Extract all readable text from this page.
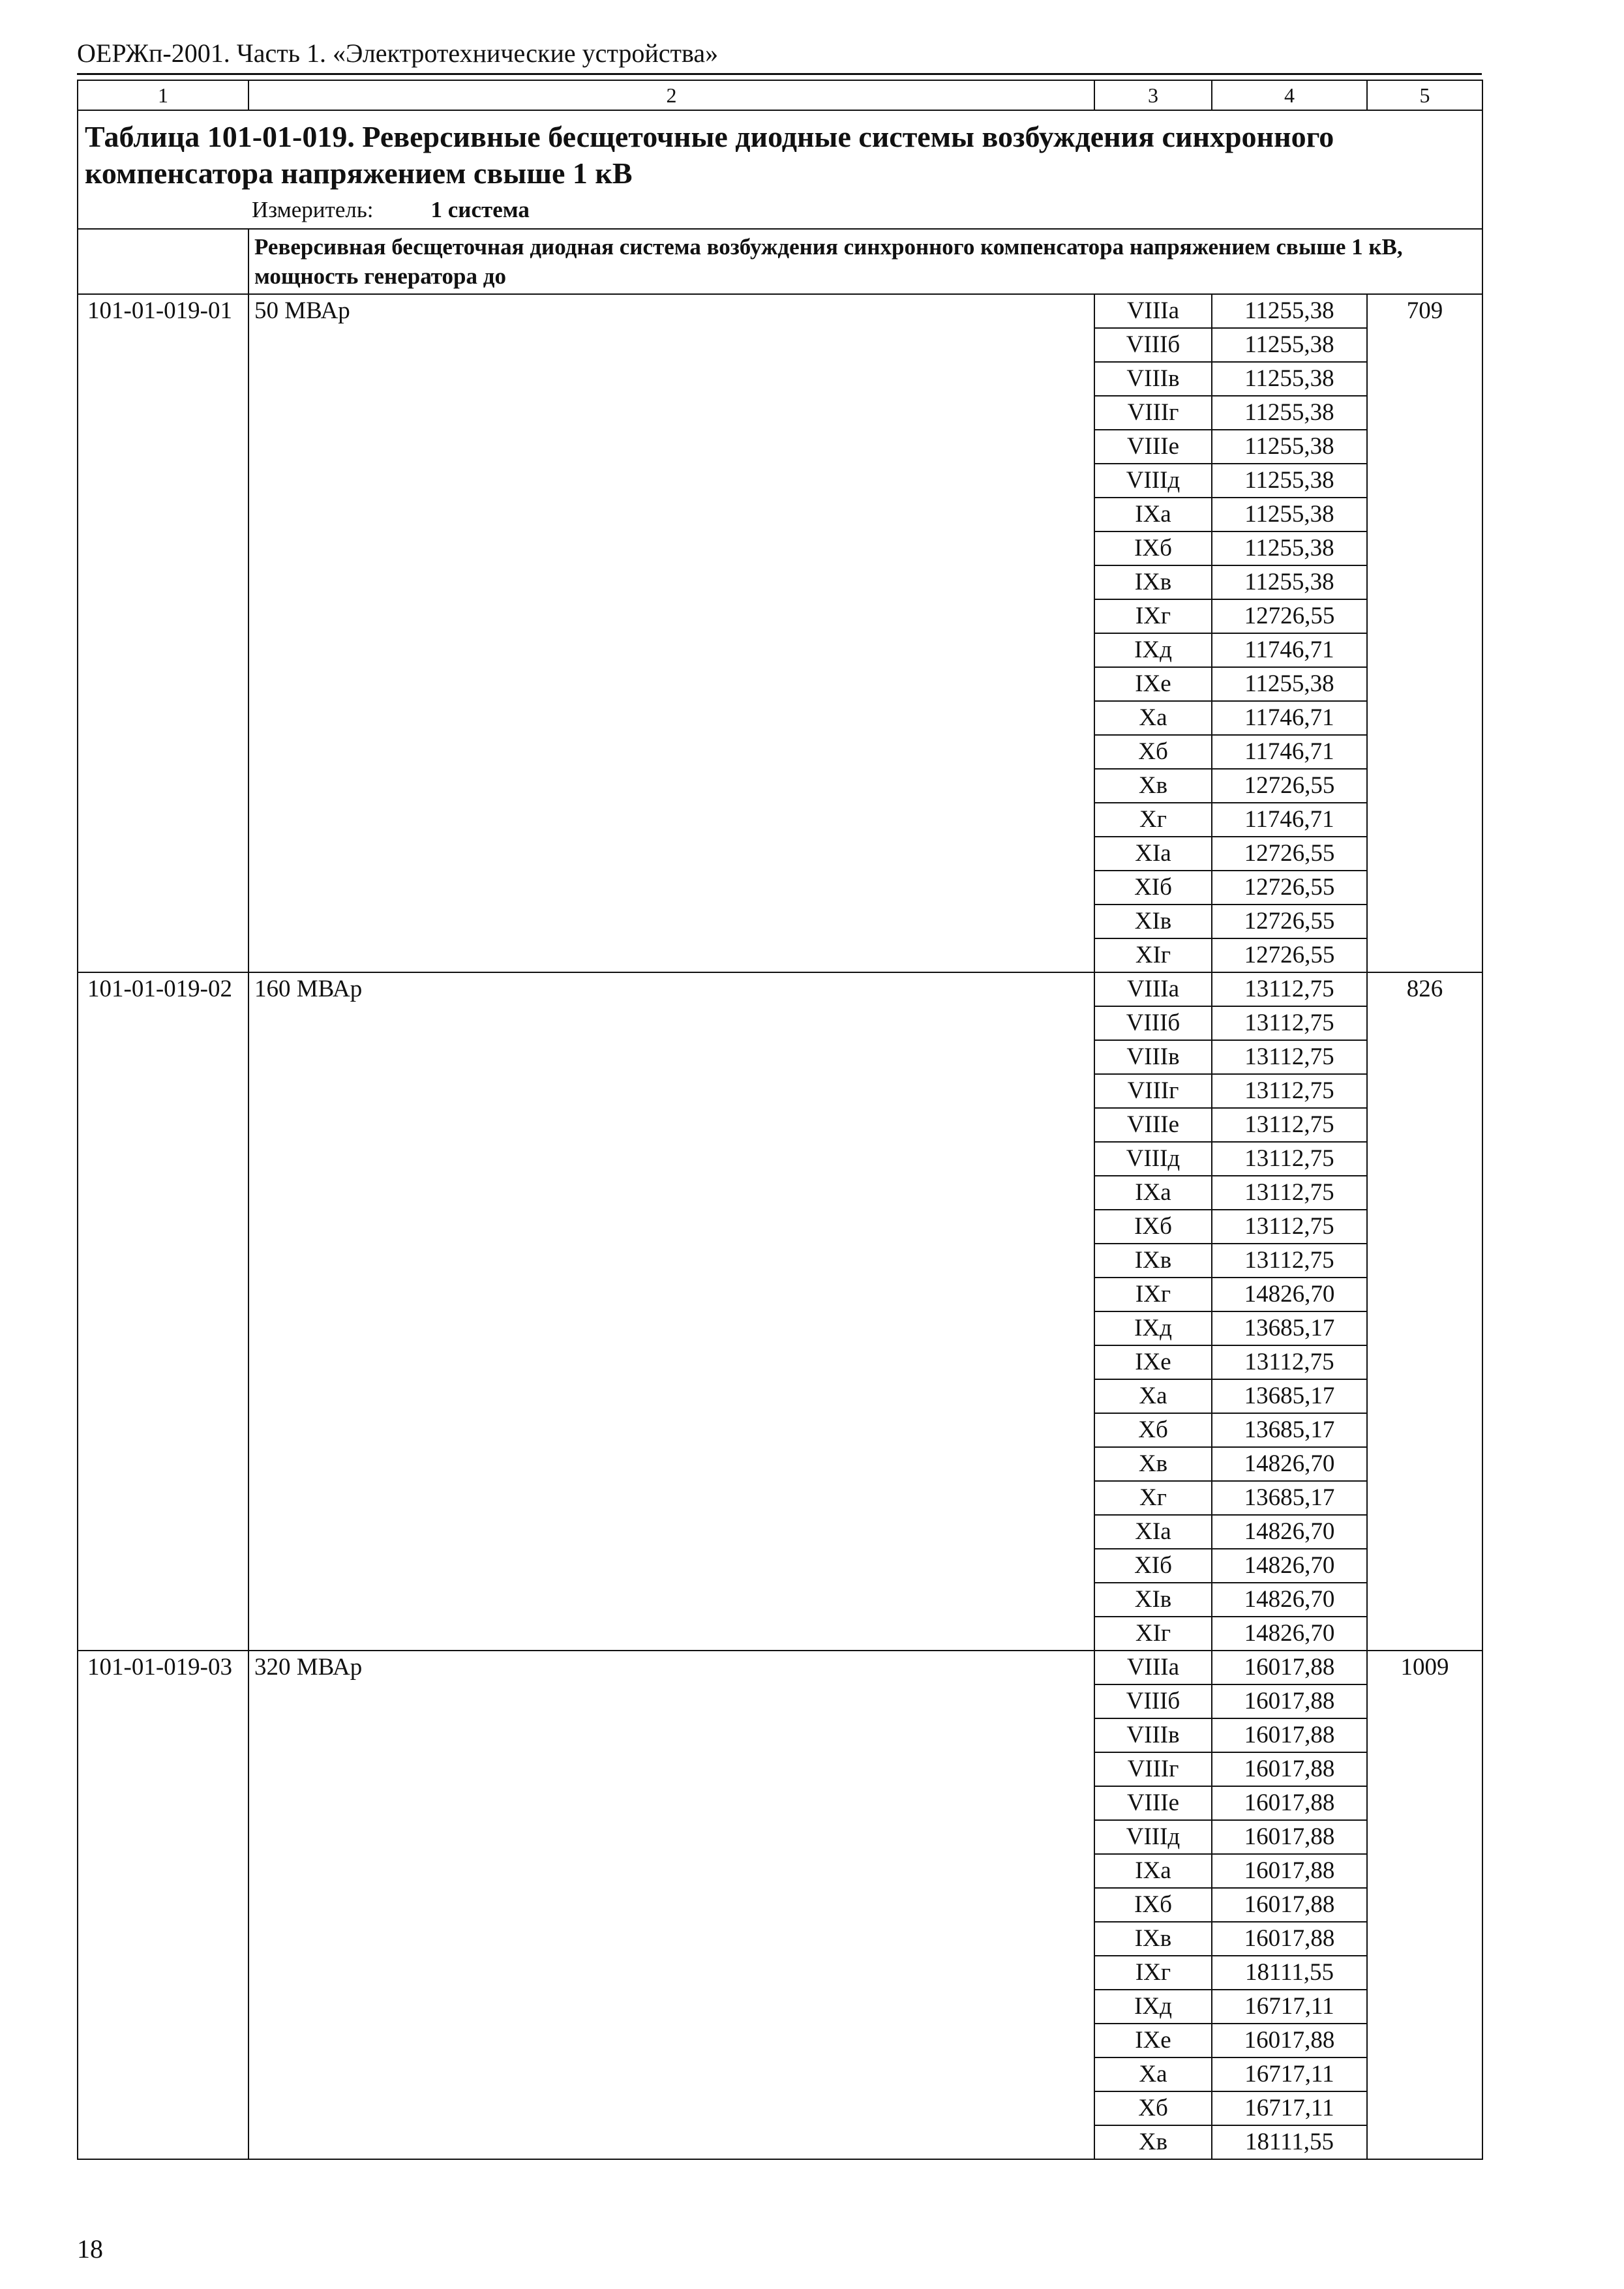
ОЕРЖп-2001. Часть 1. «Электротехнические устройства»
1	2	3	4	5

Таблица 101-01-019. Реверсивные бесщеточные диодные системы возбуждения синхронного компенсатора напряжением свыше 1 кВ
Измеритель: 1 система				

	Реверсивная бесщеточная диодная система возбуждения синхронного компенсатора напряжением свыше 1 кВ, мощность генератора до			
101-01-019-01	50 МВАр	VIIIа	11255,38	709
		VIIIб	11255,38	
		VIIIв	11255,38	
		VIIIг	11255,38	
		VIIIе	11255,38	
		VIIIд	11255,38	
		IXа	11255,38	
		IXб	11255,38	
		IXв	11255,38	
		IXг	12726,55	
		IXд	11746,71	
		IXе	11255,38	
		Xа	11746,71	
		Xб	11746,71	
		Xв	12726,55	
		Xг	11746,71	
		XIа	12726,55	
		XIб	12726,55	
		XIв	12726,55	
		XIг	12726,55	
101-01-019-02	160 МВАр	VIIIа	13112,75	826
		VIIIб	13112,75	
		VIIIв	13112,75	
		VIIIг	13112,75	
		VIIIе	13112,75	
		VIIIд	13112,75	
		IXа	13112,75	
		IXб	13112,75	
		IXв	13112,75	
		IXг	14826,70	
		IXд	13685,17	
		IXе	13112,75	
		Xа	13685,17	
		Xб	13685,17	
		Xв	14826,70	
		Xг	13685,17	
		XIа	14826,70	
		XIб	14826,70	
		XIв	14826,70	
		XIг	14826,70	
101-01-019-03	320 МВАр	VIIIа	16017,88	1009
		VIIIб	16017,88	
		VIIIв	16017,88	
		VIIIг	16017,88	
		VIIIе	16017,88	
		VIIIд	16017,88	
		IXа	16017,88	
		IXб	16017,88	
		IXв	16017,88	
		IXг	18111,55	
		IXд	16717,11	
		IXе	16017,88	
		Xа	16717,11	
		Xб	16717,11	
		Xв	18111,55	
18
